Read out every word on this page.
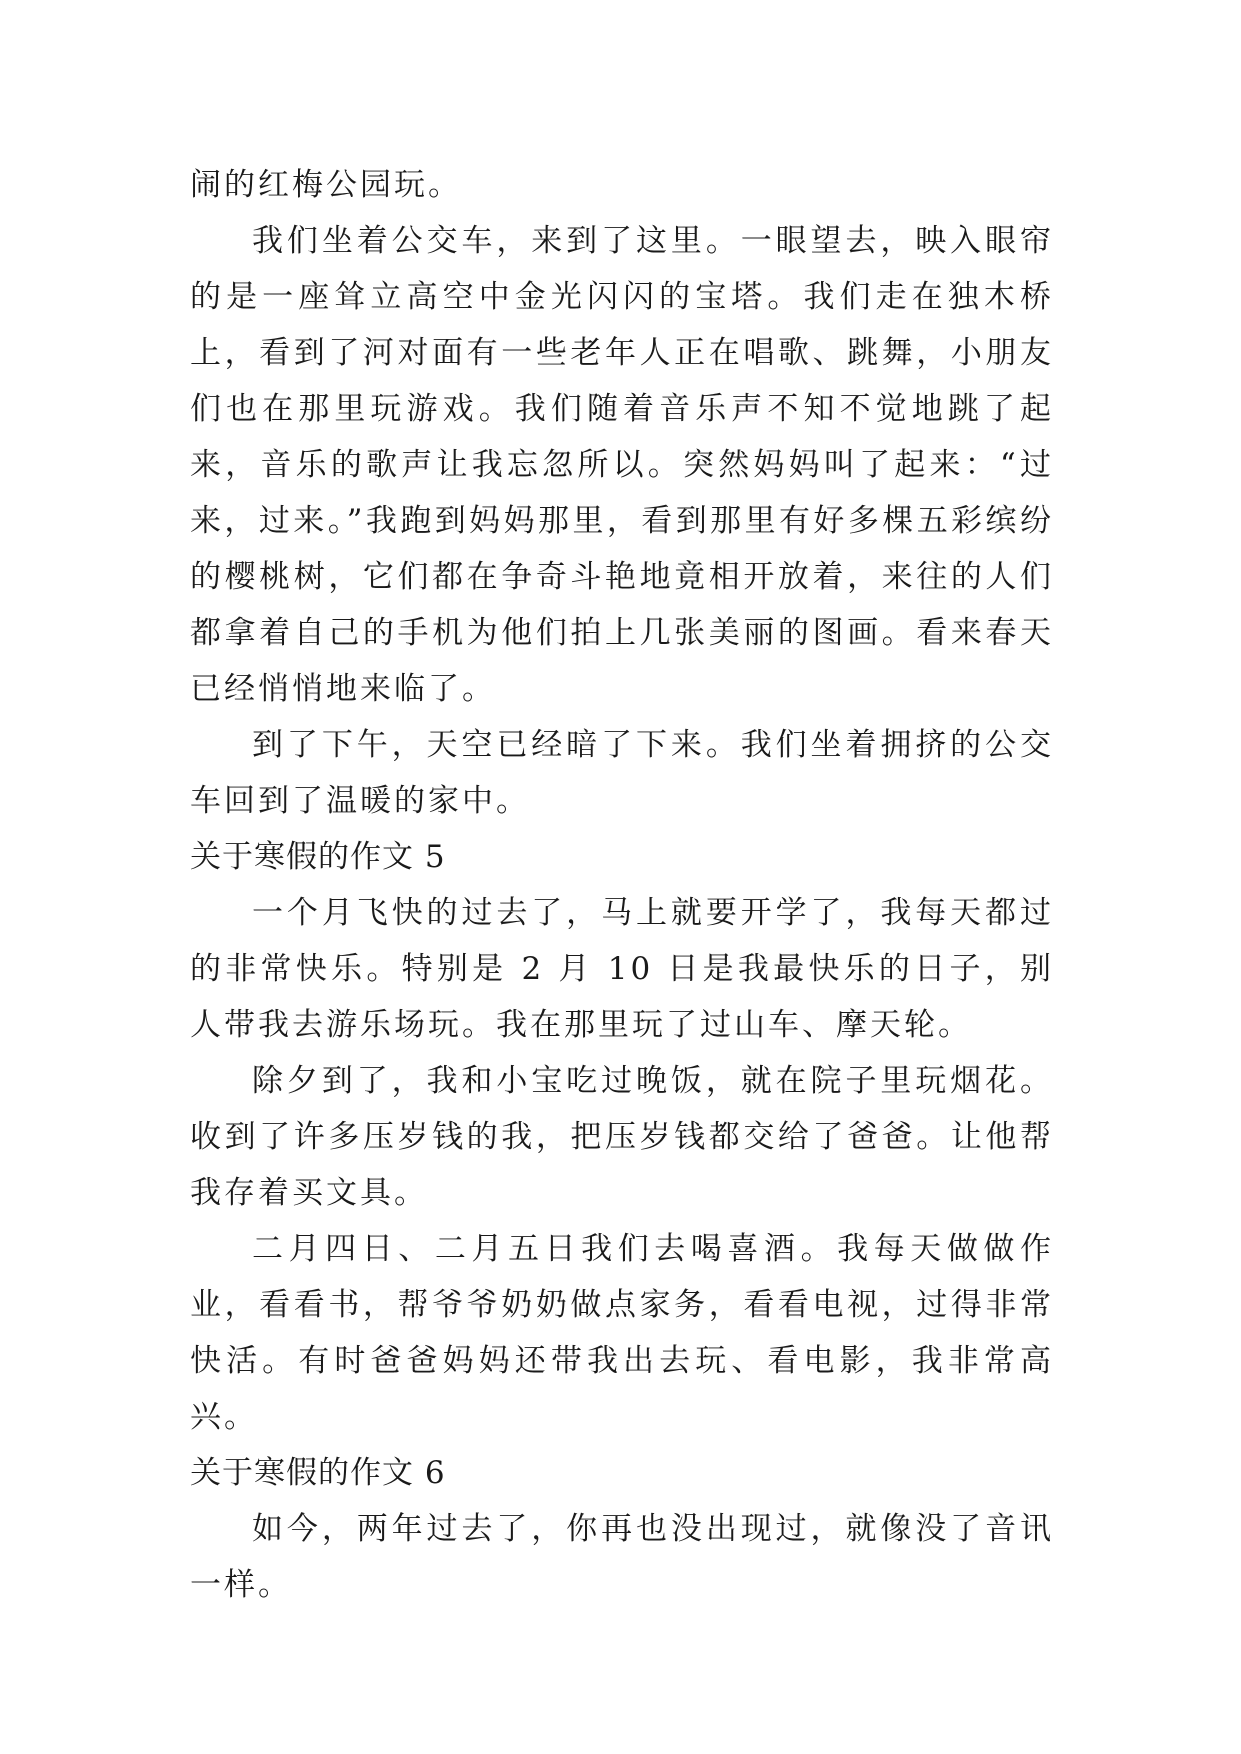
闹的红梅公园玩。

我们坐着公交车，来到了这里。一眼望去，映入眼帘的是一座耸立高空中金光闪闪的宝塔。我们走在独木桥上，看到了河对面有一些老年人正在唱歌、跳舞，小朋友们也在那里玩游戏。我们随着音乐声不知不觉地跳了起来，音乐的歌声让我忘忽所以。突然妈妈叫了起来：“过来，过来。”我跑到妈妈那里，看到那里有好多棵五彩缤纷的樱桃树，它们都在争奇斗艳地竟相开放着，来往的人们都拿着自己的手机为他们拍上几张美丽的图画。看来春天已经悄悄地来临了。

到了下午，天空已经暗了下来。我们坐着拥挤的公交车回到了温暖的家中。

关于寒假的作文 5

一个月飞快的过去了，马上就要开学了，我每天都过的非常快乐。特别是 2 月 10 日是我最快乐的日子，别人带我去游乐场玩。我在那里玩了过山车、摩天轮。

除夕到了，我和小宝吃过晚饭，就在院子里玩烟花。收到了许多压岁钱的我，把压岁钱都交给了爸爸。让他帮我存着买文具。

二月四日、二月五日我们去喝喜酒。我每天做做作业，看看书，帮爷爷奶奶做点家务，看看电视，过得非常快活。有时爸爸妈妈还带我出去玩、看电影，我非常高兴。

关于寒假的作文 6

如今，两年过去了，你再也没出现过，就像没了音讯一样。
